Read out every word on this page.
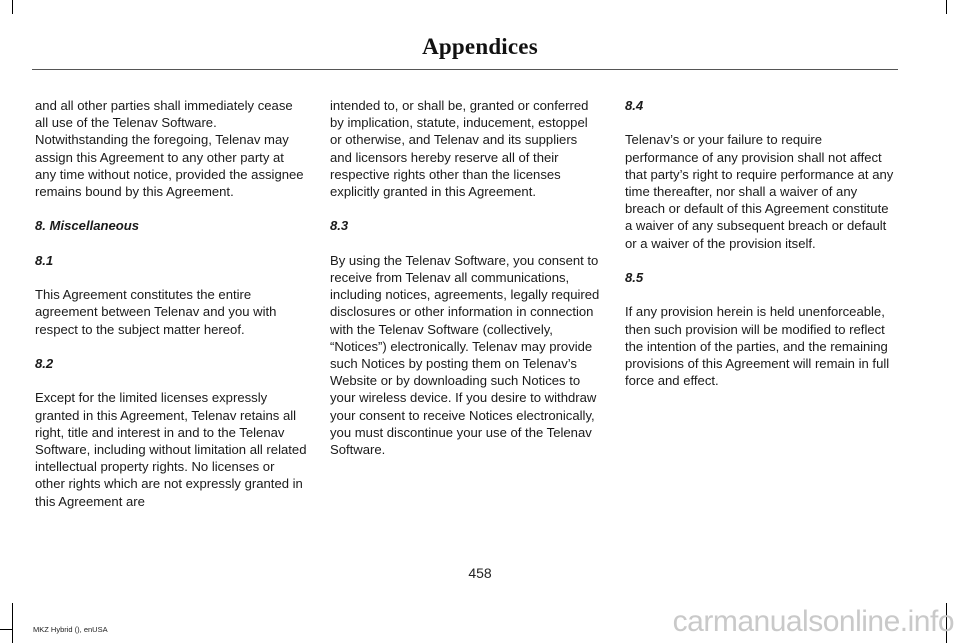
Appendices

and all other parties shall immediately cease all use of the Telenav Software. Notwithstanding the foregoing, Telenav may assign this Agreement to any other party at any time without notice, provided the assignee remains bound by this Agreement.

8. Miscellaneous

8.1

This Agreement constitutes the entire agreement between Telenav and you with respect to the subject matter hereof.

8.2

Except for the limited licenses expressly granted in this Agreement, Telenav retains all right, title and interest in and to the Telenav Software, including without limitation all related intellectual property rights. No licenses or other rights which are not expressly granted in this Agreement are

intended to, or shall be, granted or conferred by implication, statute, inducement, estoppel or otherwise, and Telenav and its suppliers and licensors hereby reserve all of their respective rights other than the licenses explicitly granted in this Agreement.

8.3

By using the Telenav Software, you consent to receive from Telenav all communications, including notices, agreements, legally required disclosures or other information in connection with the Telenav Software (collectively, “Notices”) electronically. Telenav may provide such Notices by posting them on Telenav’s Website or by downloading such Notices to your wireless device. If you desire to withdraw your consent to receive Notices electronically, you must discontinue your use of the Telenav Software.

8.4

Telenav’s or your failure to require performance of any provision shall not affect that party’s right to require performance at any time thereafter, nor shall a waiver of any breach or default of this Agreement constitute a waiver of any subsequent breach or default or a waiver of the provision itself.

8.5

If any provision herein is held unenforceable, then such provision will be modified to reflect the intention of the parties, and the remaining provisions of this Agreement will remain in full force and effect.

458
MKZ Hybrid (), enUSA	carmanualsonline.info
